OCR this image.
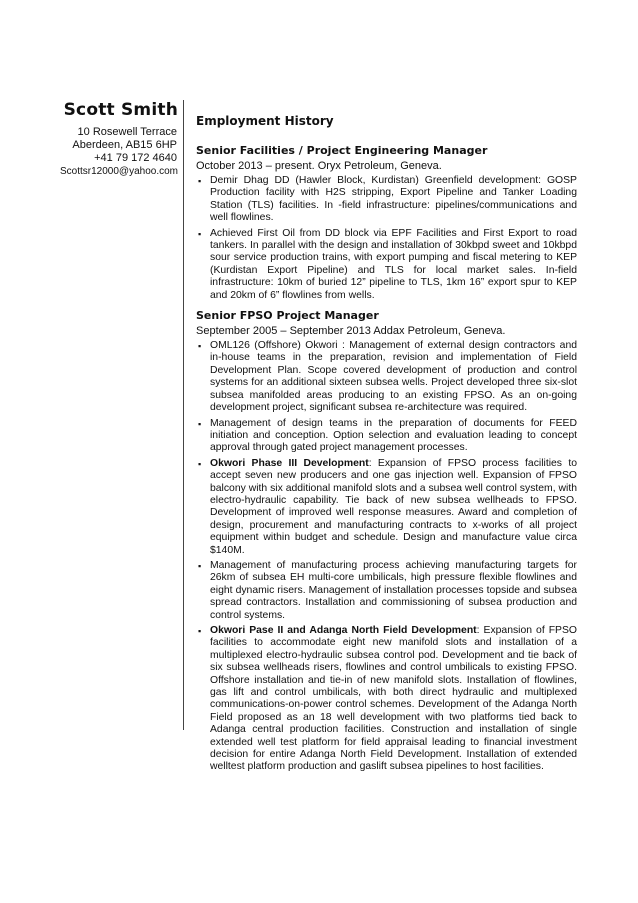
Scott Smith
10 Rosewell Terrace
Aberdeen, AB15 6HP
+41 79 172 4640
Scottsr12000@yahoo.com
Employment History
Senior Facilities / Project Engineering Manager
October 2013 – present. Oryx Petroleum, Geneva.
▪ Demir Dhag DD (Hawler Block, Kurdistan) Greenfield development: GOSP Production facility with H2S stripping, Export Pipeline and Tanker Loading Station (TLS) facilities. In -field infrastructure: pipelines/communications and well flowlines.
▪ Achieved First Oil from DD block via EPF Facilities and First Export to road tankers. In parallel with the design and installation of 30kbpd sweet and 10kbpd sour service production trains, with export pumping and fiscal metering to KEP (Kurdistan Export Pipeline) and TLS for local market sales. In-field infrastructure: 10km of buried 12” pipeline to TLS, 1km 16” export spur to KEP and 20km of 6” flowlines from wells.
Senior FPSO Project Manager
September 2005 – September 2013 Addax Petroleum, Geneva.
▪ OML126 (Offshore) Okwori : Management of external design contractors and in-house teams in the preparation, revision and implementation of Field Development Plan. Scope covered development of production and control systems for an additional sixteen subsea wells. Project developed three six-slot subsea manifolded areas producing to an existing FPSO. As an on-going development project, significant subsea re-architecture was required.
▪ Management of design teams in the preparation of documents for FEED initiation and conception. Option selection and evaluation leading to concept approval through gated project management processes.
▪ Okwori Phase III Development: Expansion of FPSO process facilities to accept seven new producers and one gas injection well. Expansion of FPSO balcony with six additional manifold slots and a subsea well control system, with electro-hydraulic capability. Tie back of new subsea wellheads to FPSO. Development of improved well response measures. Award and completion of design, procurement and manufacturing contracts to x-works of all project equipment within budget and schedule. Design and manufacture value circa $140M.
▪ Management of manufacturing process achieving manufacturing targets for 26km of subsea EH multi-core umbilicals, high pressure flexible flowlines and eight dynamic risers. Management of installation processes topside and subsea spread contractors. Installation and commissioning of subsea production and control systems.
▪ Okwori Pase II and Adanga North Field Development: Expansion of FPSO facilities to accommodate eight new manifold slots and installation of a multiplexed electro-hydraulic subsea control pod. Development and tie back of six subsea wellheads risers, flowlines and control umbilicals to existing FPSO. Offshore installation and tie-in of new manifold slots. Installation of flowlines, gas lift and control umbilicals, with both direct hydraulic and multiplexed communications-on-power control schemes. Development of the Adanga North Field proposed as an 18 well development with two platforms tied back to Adanga central production facilities. Construction and installation of single extended well test platform for field appraisal leading to financial investment decision for entire Adanga North Field Development. Installation of extended welltest platform production and gaslift subsea pipelines to host facilities.
